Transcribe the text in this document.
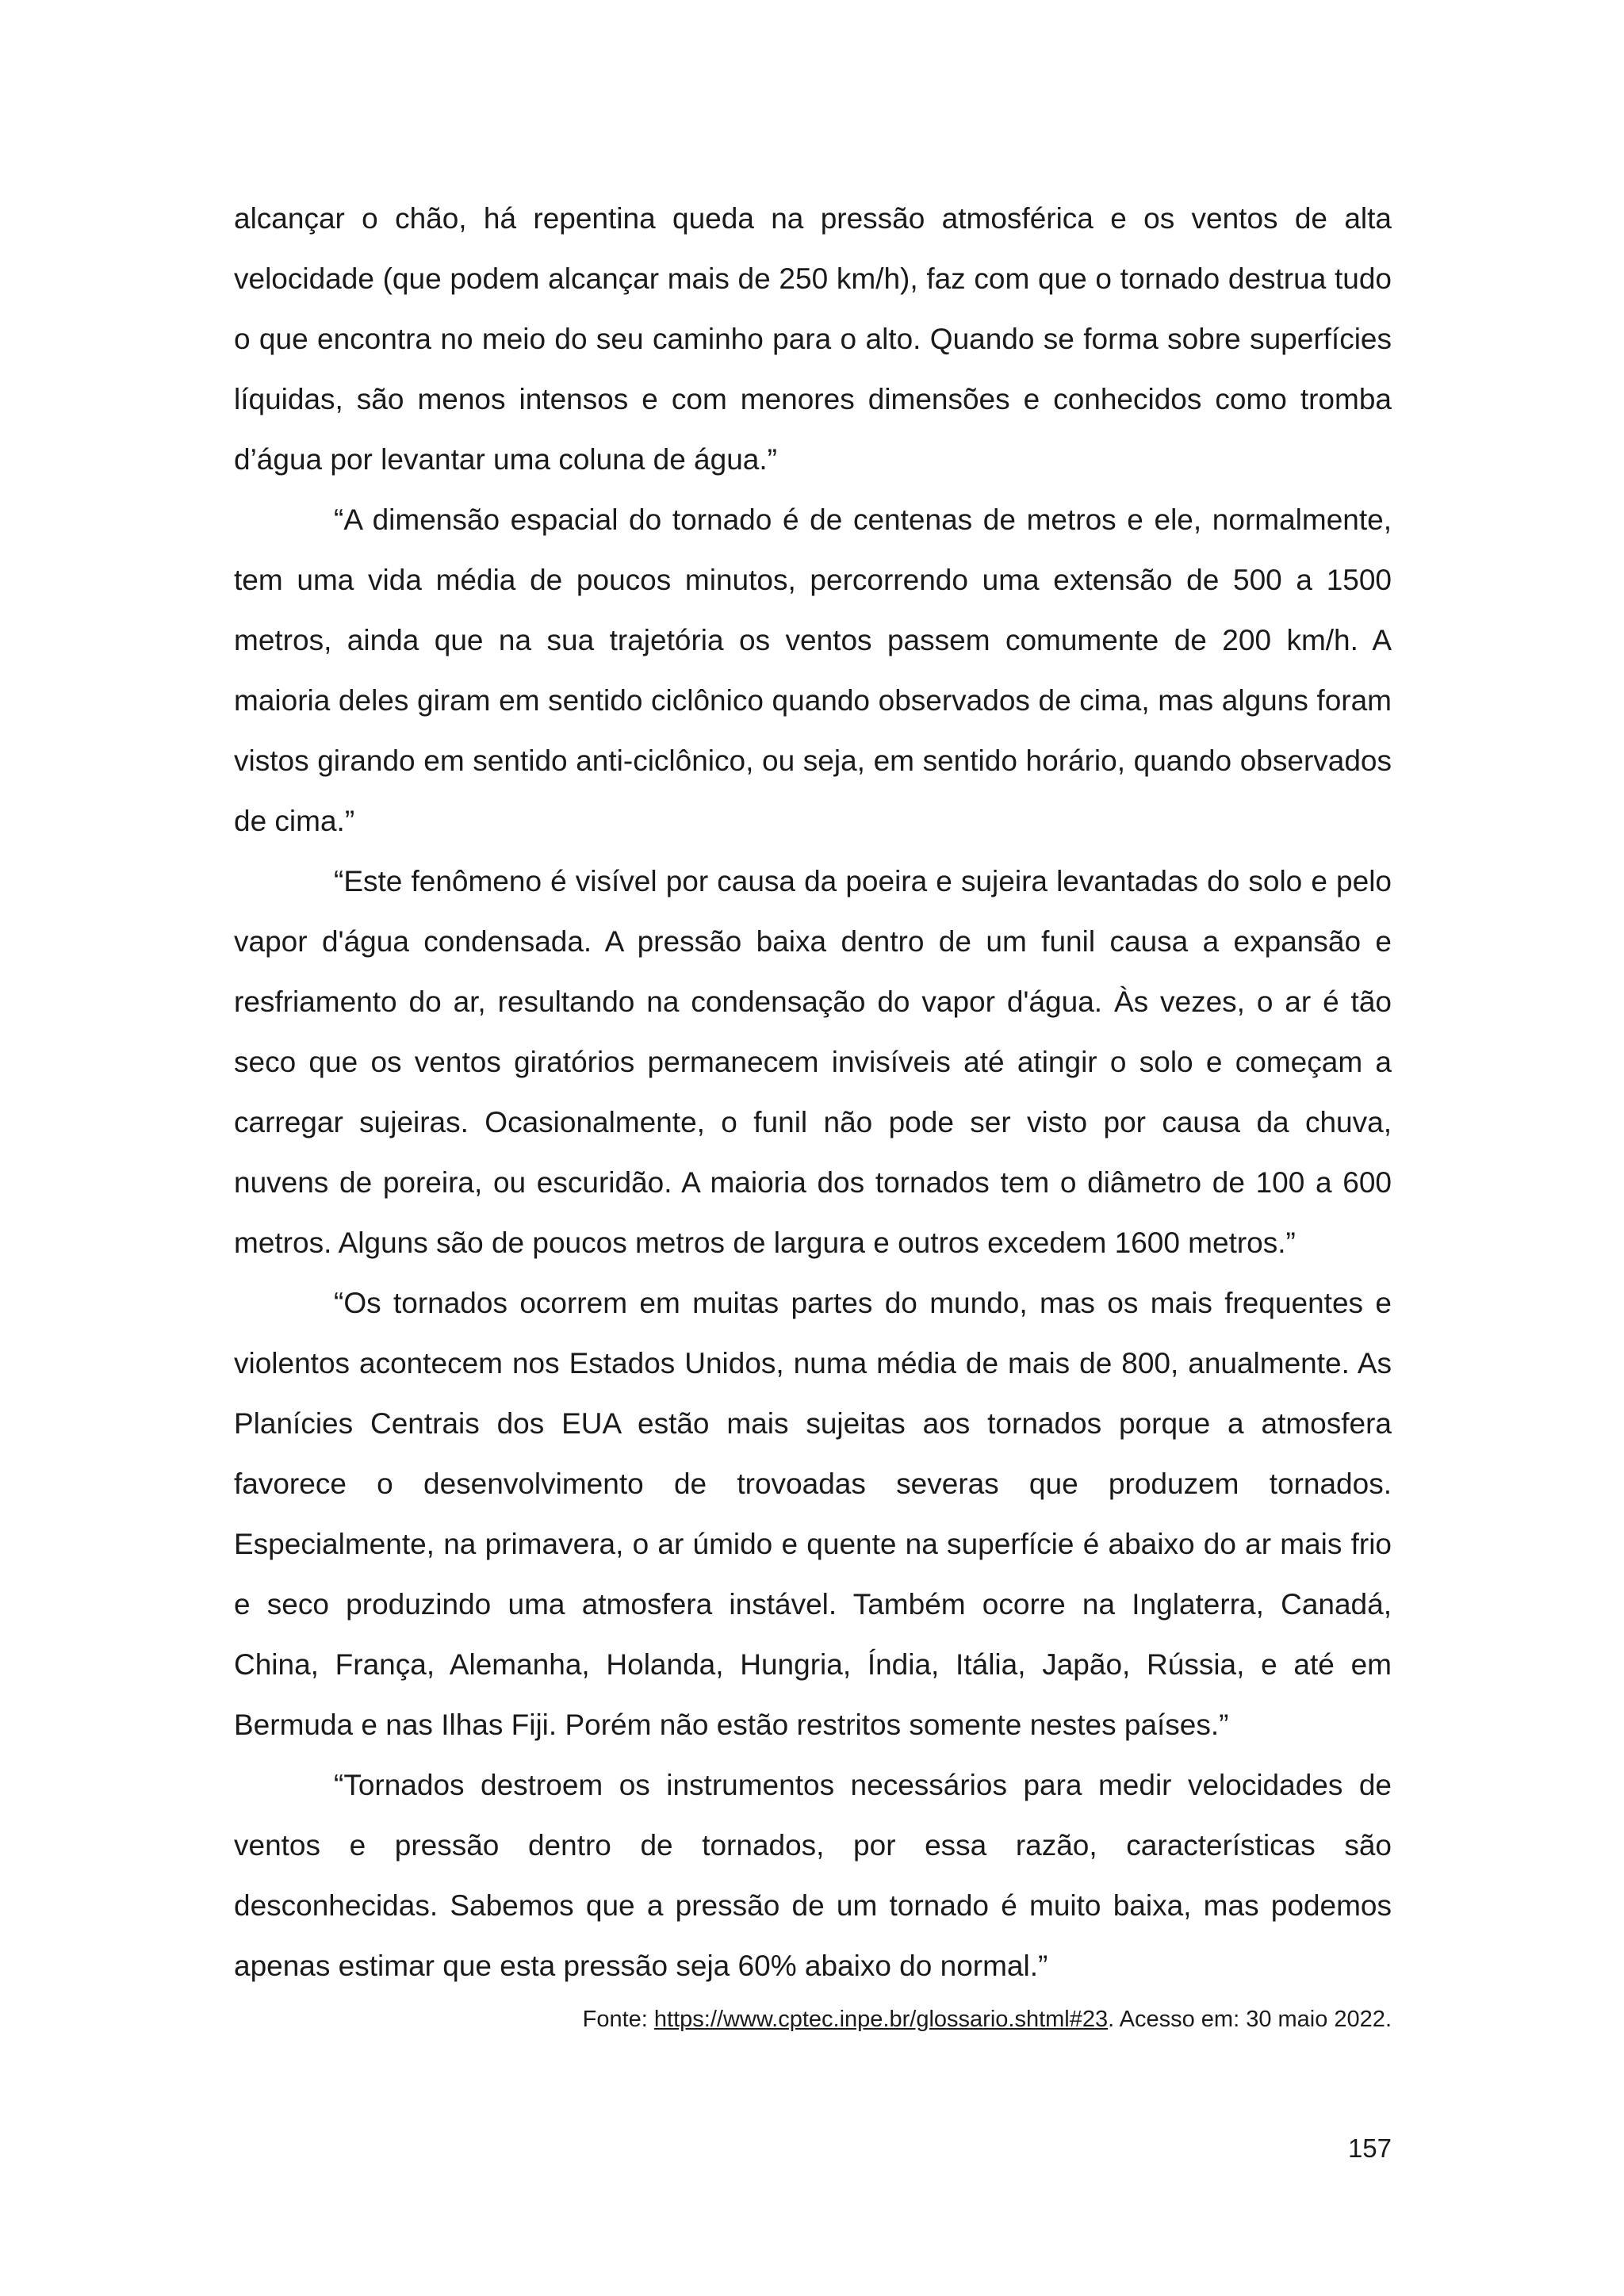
alcançar o chão, há repentina queda na pressão atmosférica e os ventos de alta velocidade (que podem alcançar mais de 250 km/h), faz com que o tornado destrua tudo o que encontra no meio do seu caminho para o alto. Quando se forma sobre superfícies líquidas, são menos intensos e com menores dimensões e conhecidos como tromba d’água por levantar uma coluna de água.”

“A dimensão espacial do tornado é de centenas de metros e ele, normalmente, tem uma vida média de poucos minutos, percorrendo uma extensão de 500 a 1500 metros, ainda que na sua trajetória os ventos passem comumente de 200 km/h. A maioria deles giram em sentido ciclônico quando observados de cima, mas alguns foram vistos girando em sentido anti-ciclônico, ou seja, em sentido horário, quando observados de cima.”

“Este fenômeno é visível por causa da poeira e sujeira levantadas do solo e pelo vapor d'água condensada. A pressão baixa dentro de um funil causa a expansão e resfriamento do ar, resultando na condensação do vapor d'água. Às vezes, o ar é tão seco que os ventos giratórios permanecem invisíveis até atingir o solo e começam a carregar sujeiras. Ocasionalmente, o funil não pode ser visto por causa da chuva, nuvens de poreira, ou escuridão. A maioria dos tornados tem o diâmetro de 100 a 600 metros. Alguns são de poucos metros de largura e outros excedem 1600 metros.”

“Os tornados ocorrem em muitas partes do mundo, mas os mais frequentes e violentos acontecem nos Estados Unidos, numa média de mais de 800, anualmente. As Planícies Centrais dos EUA estão mais sujeitas aos tornados porque a atmosfera favorece o desenvolvimento de trovoadas severas que produzem tornados. Especialmente, na primavera, o ar úmido e quente na superfície é abaixo do ar mais frio e seco produzindo uma atmosfera instável. Também ocorre na Inglaterra, Canadá, China, França, Alemanha, Holanda, Hungria, Índia, Itália, Japão, Rússia, e até em Bermuda e nas Ilhas Fiji. Porém não estão restritos somente nestes países.”

“Tornados destroem os instrumentos necessários para medir velocidades de ventos e pressão dentro de tornados, por essa razão, características são desconhecidas. Sabemos que a pressão de um tornado é muito baixa, mas podemos apenas estimar que esta pressão seja 60% abaixo do normal.”

Fonte: https://www.cptec.inpe.br/glossario.shtml#23. Acesso em: 30 maio 2022.

157
